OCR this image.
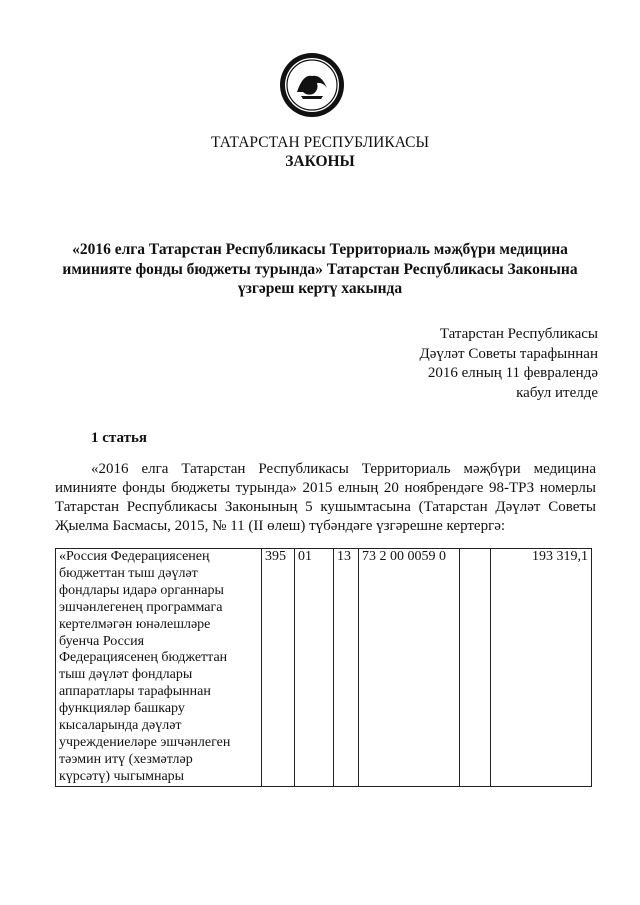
ТАТАРСТАН РЕСПУБЛИКАСЫ
ЗАКОНЫ
«2016 елга Татарстан Республикасы Территориаль мәҗбүри медицина
иминияте фонды бюджеты турында» Татарстан Республикасы Законына
үзгәреш кертү хакында
Татарстан Республикасы
Дәүләт Советы тарафыннан
2016 елның 11 февралендә
кабул ителде
1 статья
«2016 елга Татарстан Республикасы Территориаль мәҗбүри медицина иминияте фонды бюджеты турында» 2015 елның 20 ноябрендәге 98-ТРЗ номерлы Татарстан Республикасы Законының 5 кушымтасына (Татарстан Дәүләт Советы Җыелма Басмасы, 2015, № 11 (II өлеш) түбәндәге үзгәрешне кертергә:
«Россия Федерациясенең
бюджеттан тыш дәүләт
фондлары идарә органнары
эшчәнлегенең программага
кертелмәгән юнәлешләре
буенча Россия
Федерациясенең бюджеттан
тыш дәүләт фондлары
аппаратлары тарафыннан
функцияләр башкару
кысаларында дәүләт
учреждениеләре эшчәнлеген
тәэмин итү (хезмәтләр
күрсәтү) чыгымнары
	395	01	13	73 2 00 0059 0		193 319,1
